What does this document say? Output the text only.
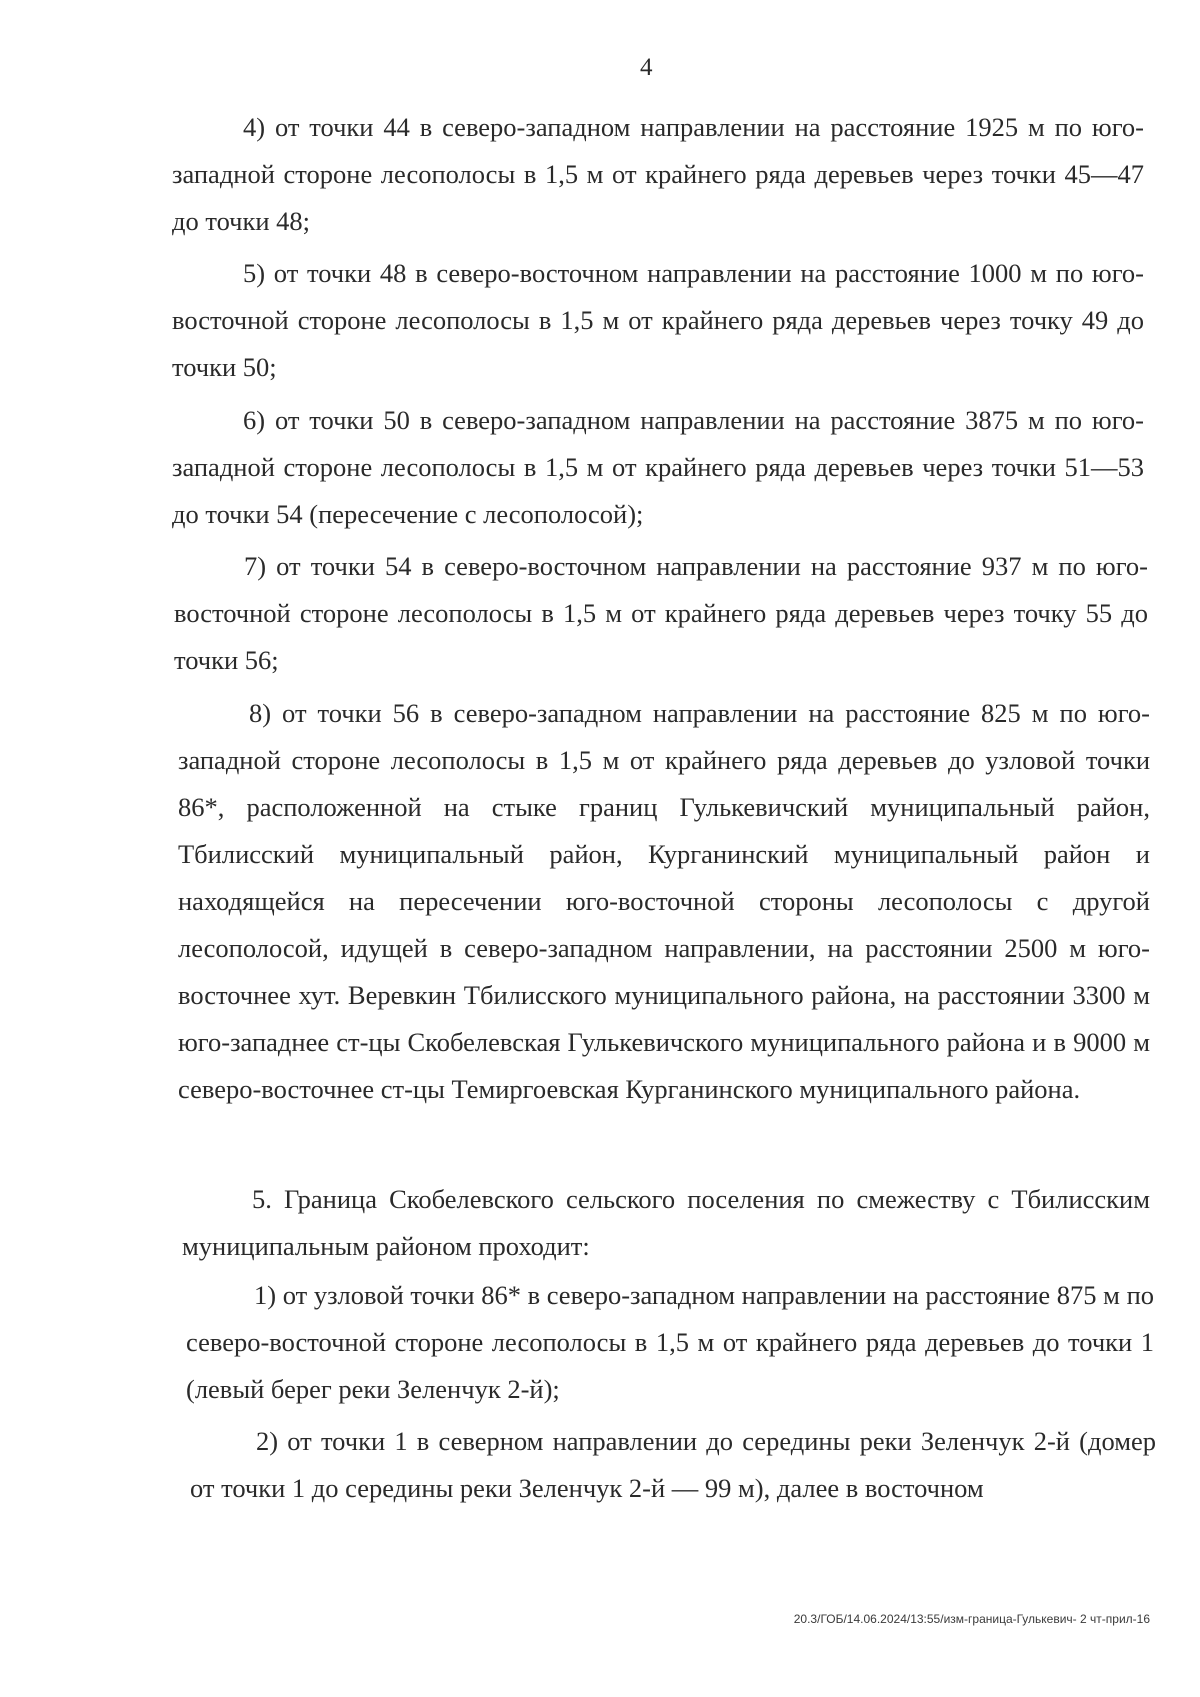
4
4) от точки 44 в северо-западном направлении на расстояние 1925 м по юго-западной стороне лесополосы в 1,5 м от крайнего ряда деревьев через точки 45—47 до точки 48;
5) от точки 48 в северо-восточном направлении на расстояние 1000 м по юго-восточной стороне лесополосы в 1,5 м от крайнего ряда деревьев через точку 49 до точки 50;
6) от точки 50 в северо-западном направлении на расстояние 3875 м по юго-западной стороне лесополосы в 1,5 м от крайнего ряда деревьев через точки 51—53 до точки 54 (пересечение с лесополосой);
7) от точки 54 в северо-восточном направлении на расстояние 937 м по юго-восточной стороне лесополосы в 1,5 м от крайнего ряда деревьев через точку 55 до точки 56;
8) от точки 56 в северо-западном направлении на расстояние 825 м по юго-западной стороне лесополосы в 1,5 м от крайнего ряда деревьев до узловой точки 86*, расположенной на стыке границ Гулькевичский муниципальный район, Тбилисский муниципальный район, Курганинский муниципальный район и находящейся на пересечении юго-восточной стороны лесополосы с другой лесополосой, идущей в северо-западном направлении, на расстоянии 2500 м юго-восточнее хут. Веревкин Тбилисского муниципального района, на расстоянии 3300 м юго-западнее ст-цы Скобелевская Гулькевичского муниципального района и в 9000 м северо-восточнее ст-цы Темиргоевская Курганинского муниципального района.
5. Граница Скобелевского сельского поселения по смежеству с Тбилисским муниципальным районом проходит:
1) от узловой точки 86* в северо-западном направлении на расстояние 875 м по северо-восточной стороне лесополосы в 1,5 м от крайнего ряда деревьев до точки 1 (левый берег реки Зеленчук 2-й);
2) от точки 1 в северном направлении до середины реки Зеленчук 2-й (домер от точки 1 до середины реки Зеленчук 2-й — 99 м), далее в восточном
20.3/ГОБ/14.06.2024/13:55/изм-граница-Гулькевич- 2 чт-прил-16
